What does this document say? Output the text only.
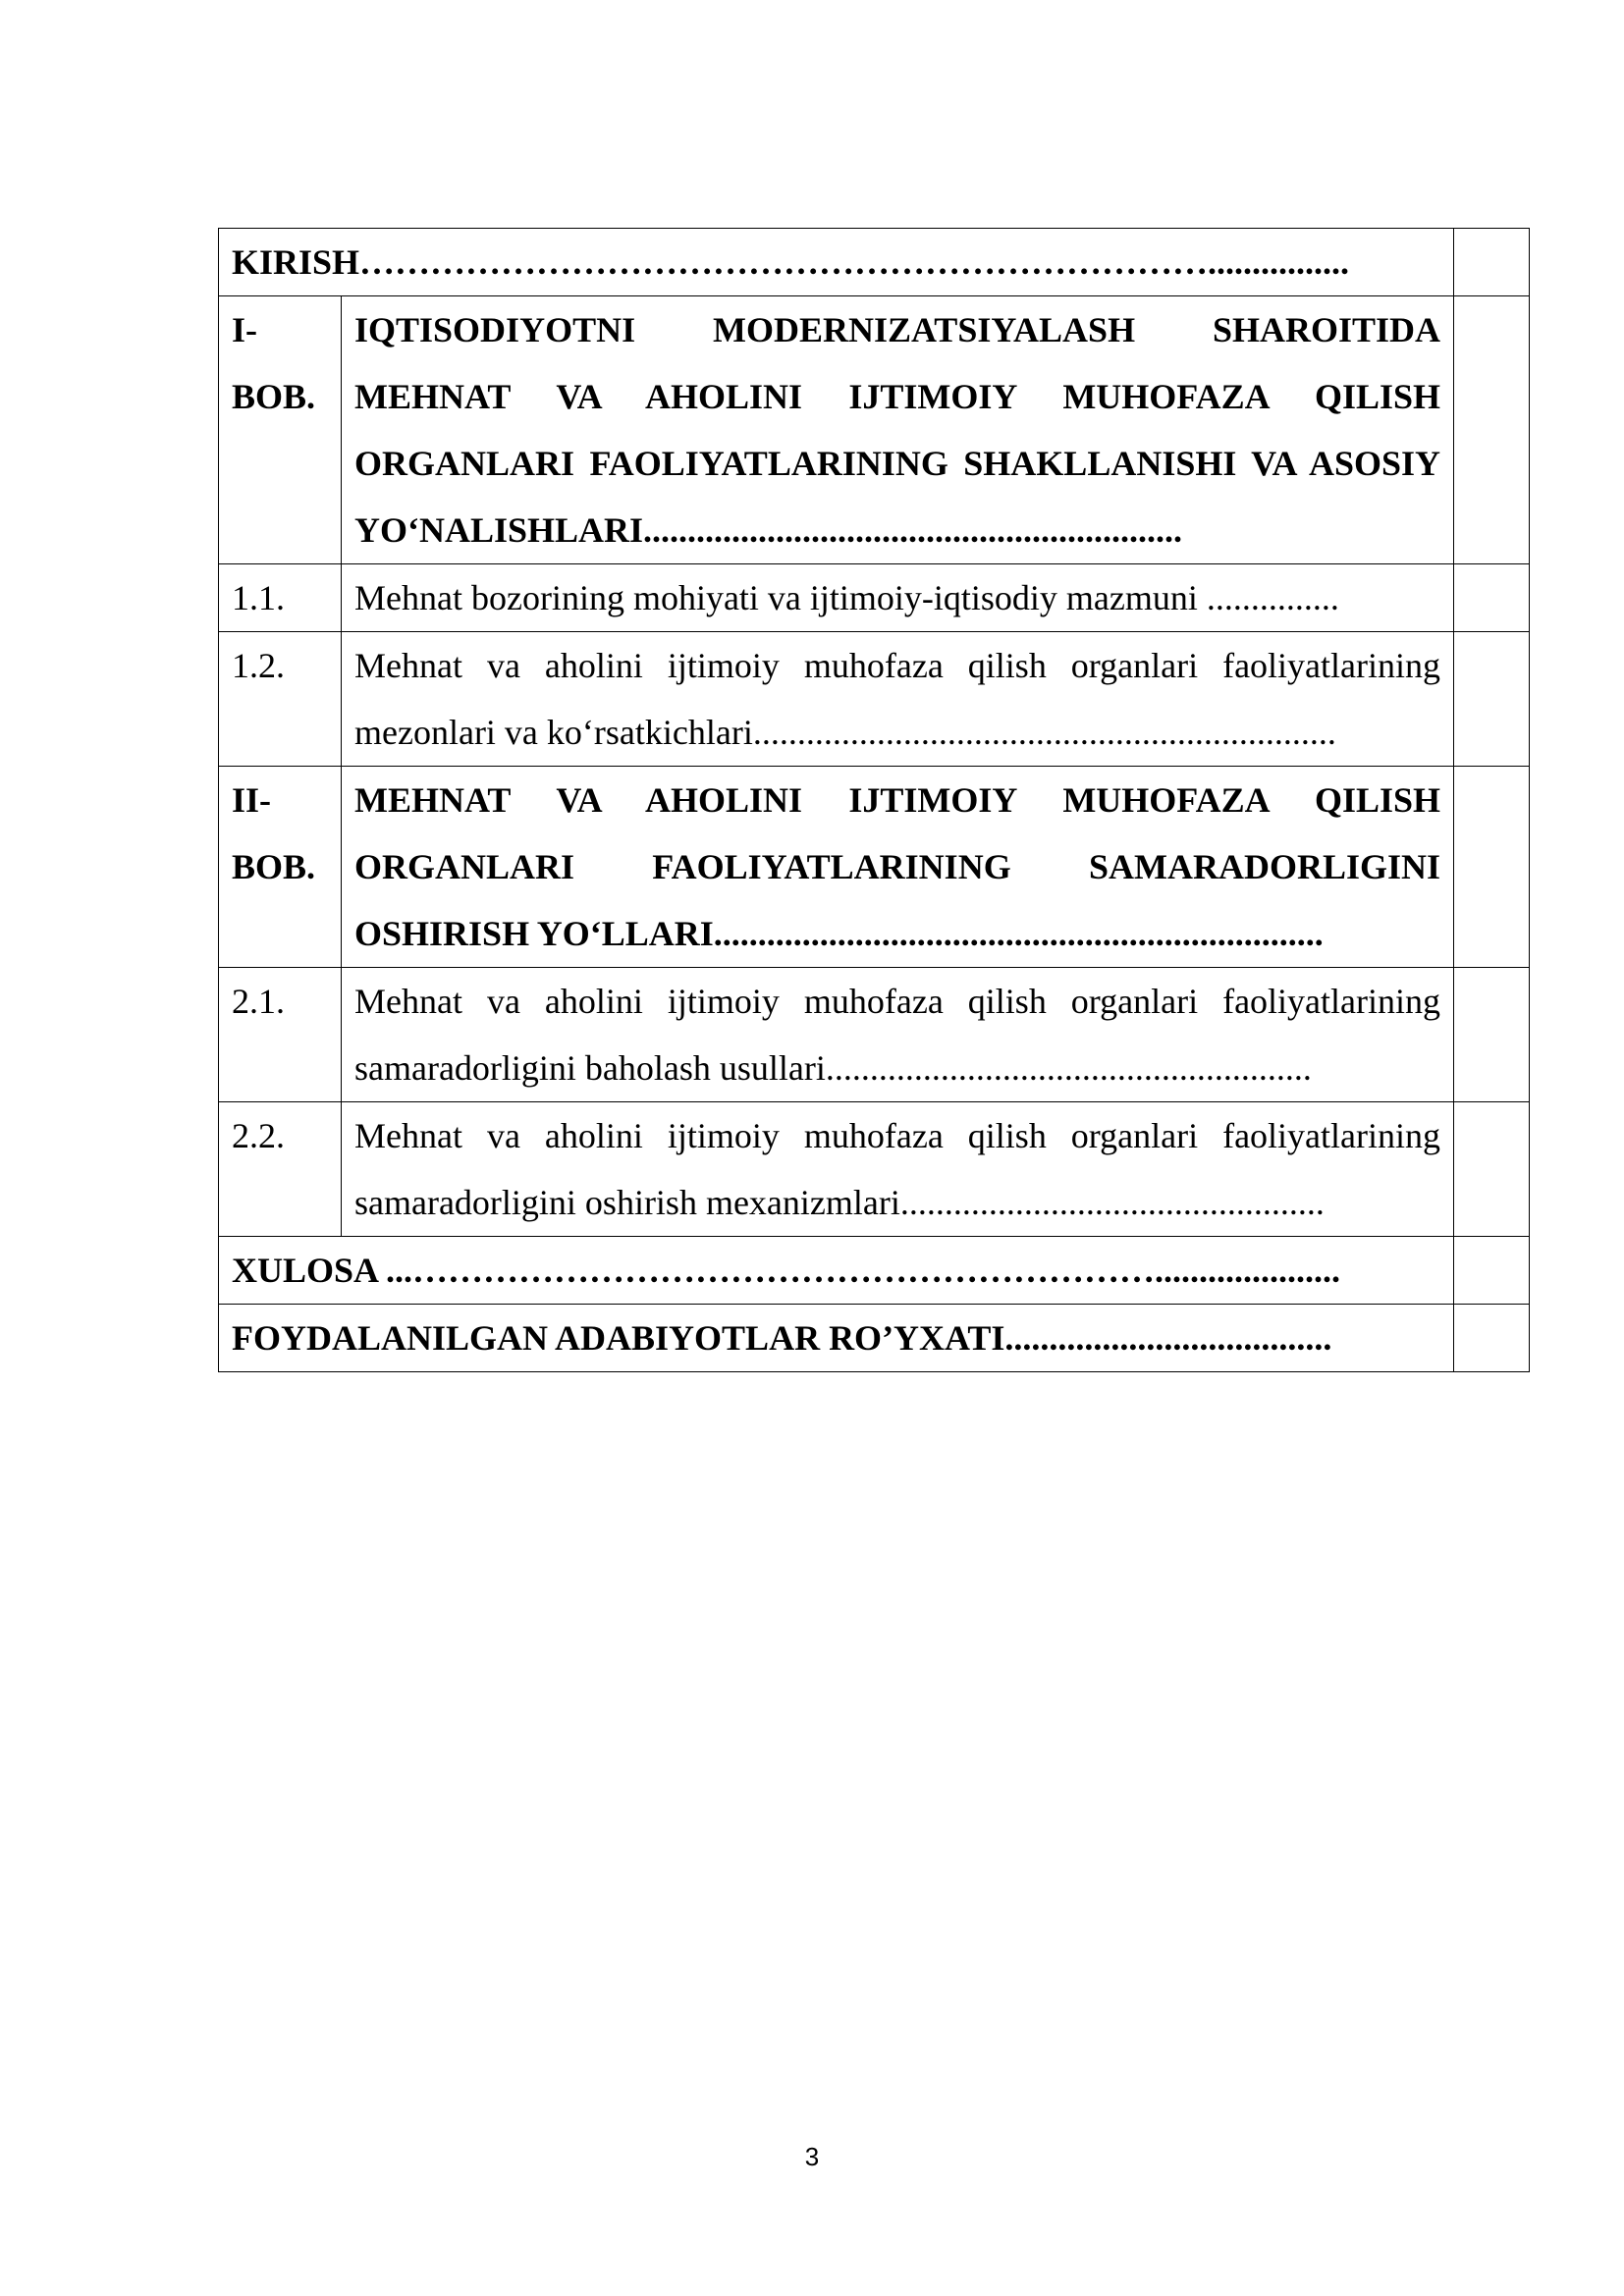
KIRISH………………………………………………………………................		
I-BOB.	IQTISODIYOTNI MODERNIZATSIYALASH SHAROITIDA MEHNAT VA AHOLINI IJTIMOIY MUHOFAZA QILISH ORGANLARI FAOLIYATLARINING SHAKLLANISHI VA ASOSIY YO‘NALISHLARI.............................................................	
1.1.	Mehnat bozorining mohiyati va ijtimoiy-iqtisodiy mazmuni ...............	
1.2.	Mehnat va aholini ijtimoiy muhofaza qilish organlari faoliyatlarining mezonlari va ko‘rsatkichlari..................................................................	
II-BOB.	MEHNAT VA AHOLINI IJTIMOIY MUHOFAZA QILISH ORGANLARI FAOLIYATLARINING SAMARADORLIGINI OSHIRISH YO‘LLARI.....................................................................	
2.1.	Mehnat va aholini ijtimoiy muhofaza qilish organlari faoliyatlarining samaradorligini baholash usullari.......................................................	
2.2.	Mehnat va aholini ijtimoiy muhofaza qilish organlari faoliyatlarining samaradorligini oshirish mexanizmlari................................................	
XULOSA ...……………………………………………………….....................		
FOYDALANILGAN ADABIYOTLAR RO’YXATI.....................................		
3
